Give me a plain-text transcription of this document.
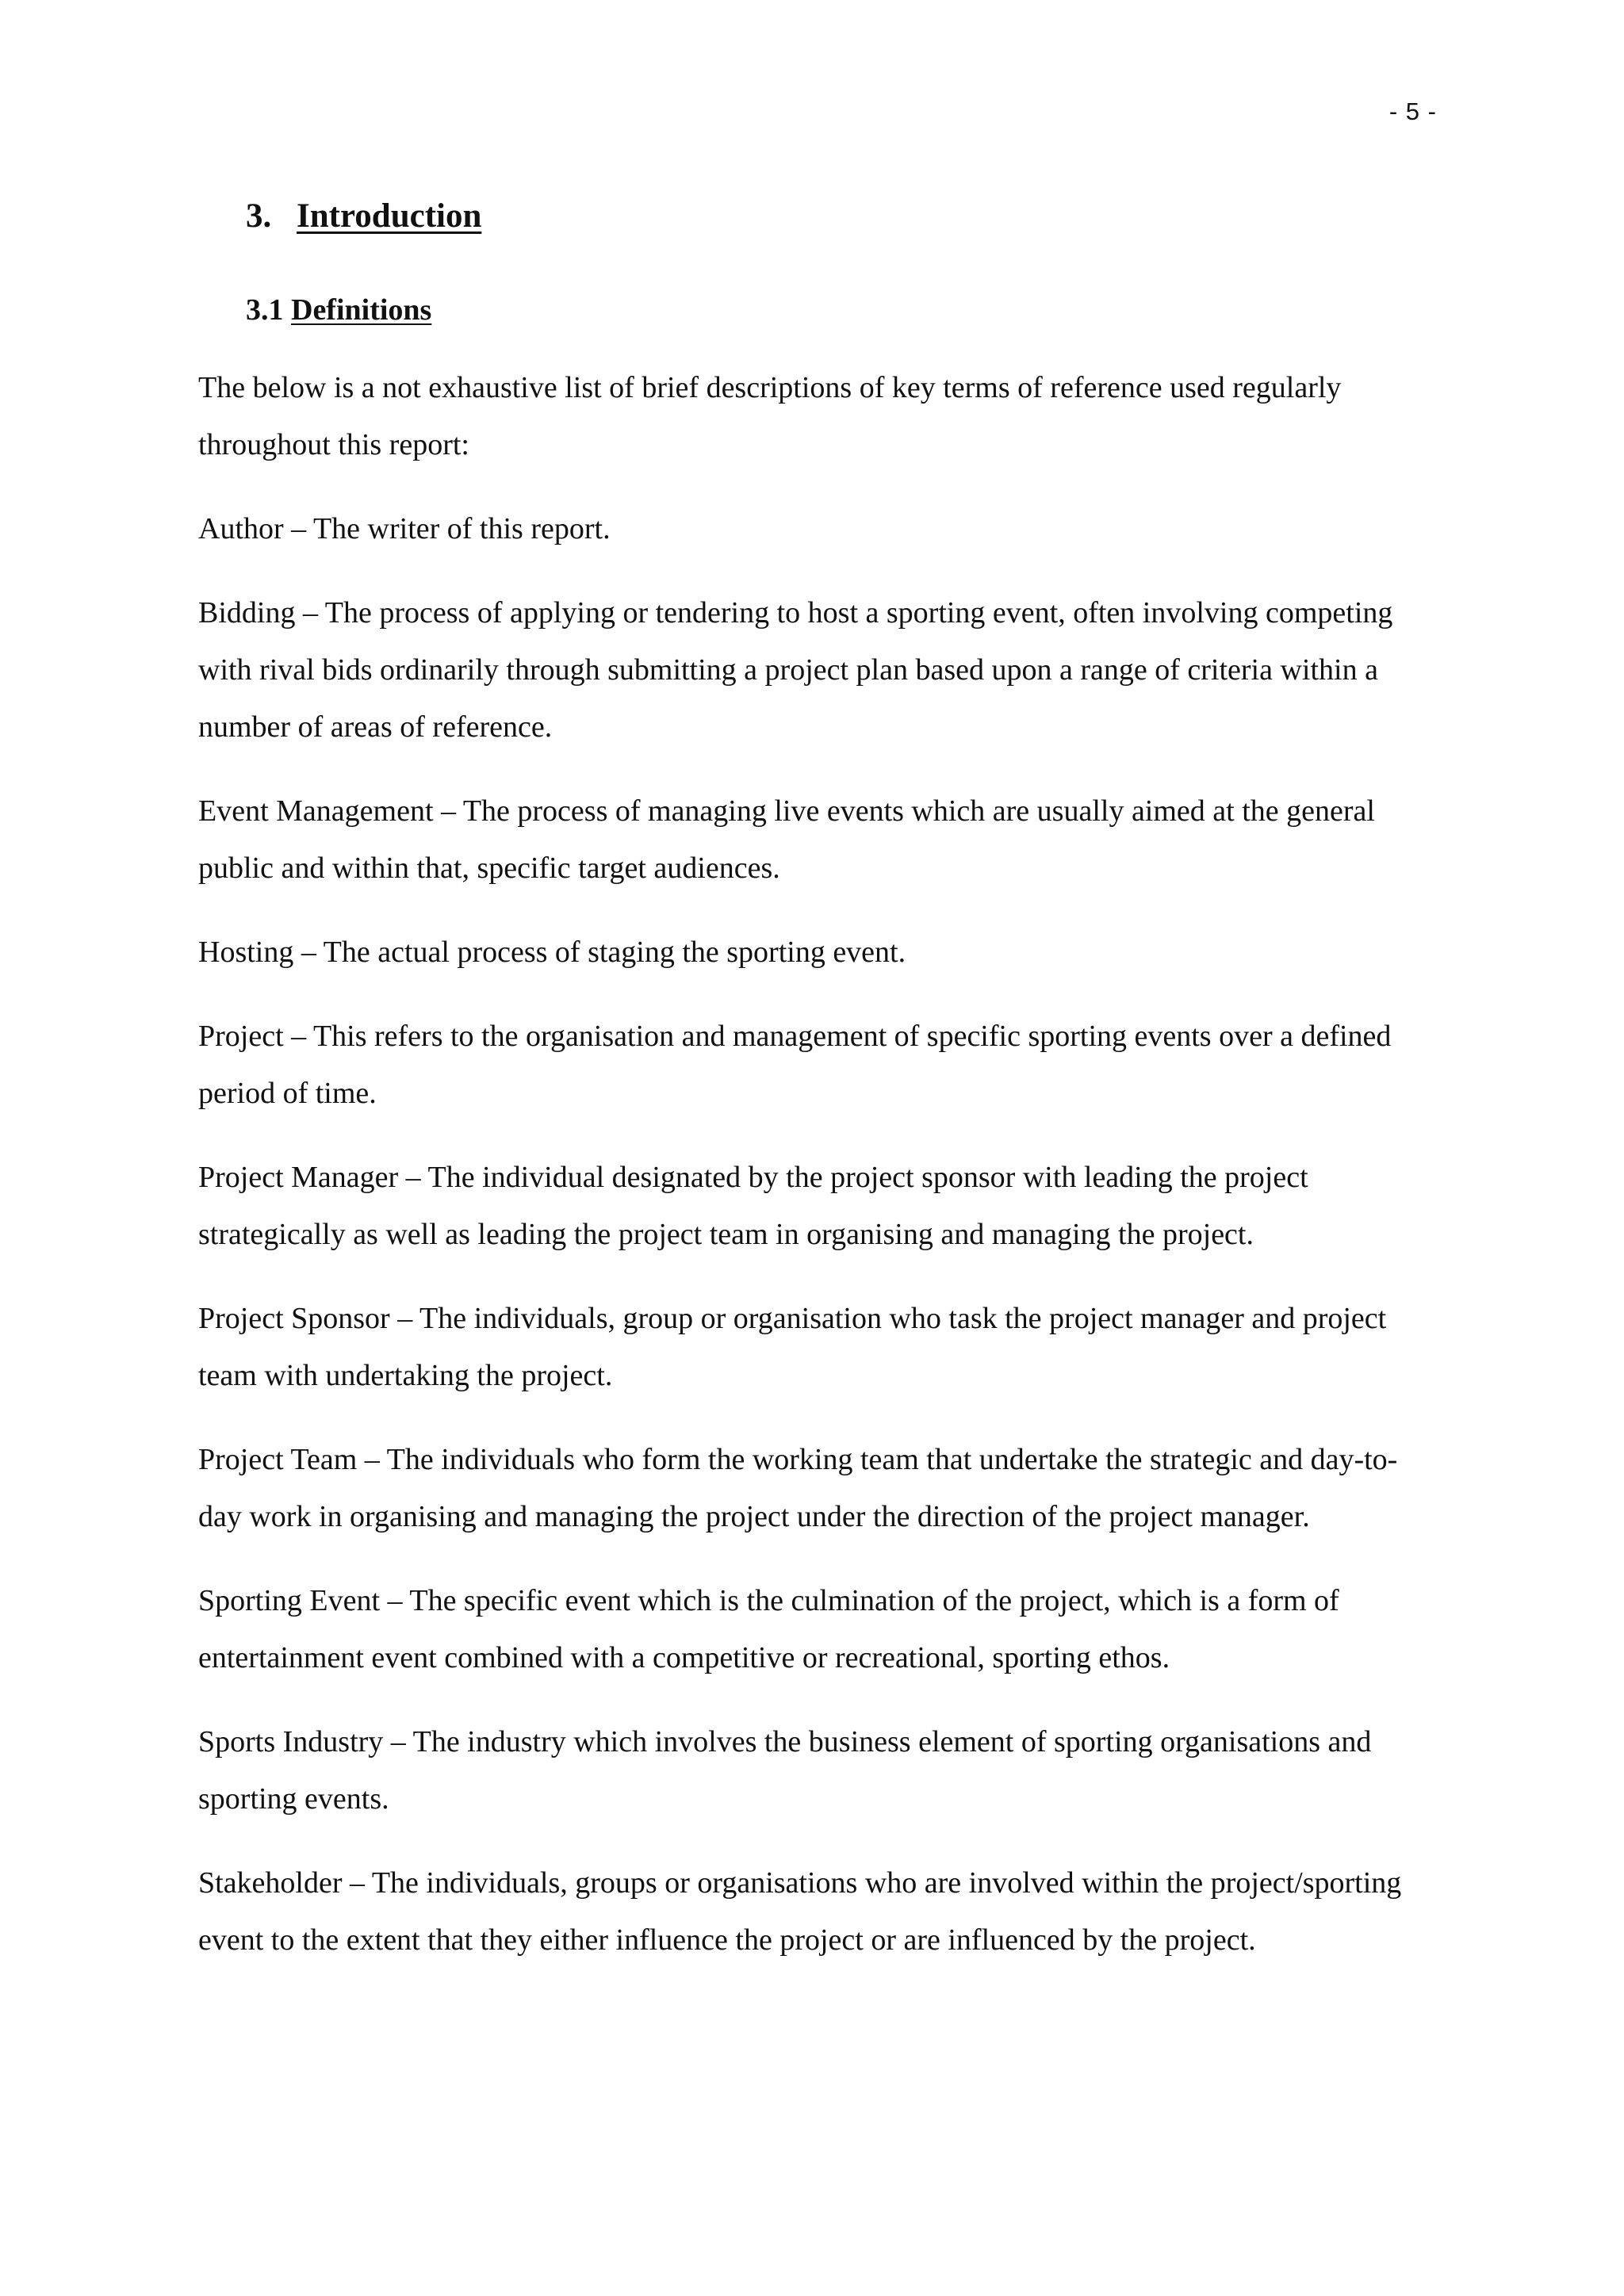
- 5 -
3. Introduction
3.1 Definitions

The below is a not exhaustive list of brief descriptions of key terms of reference used regularly throughout this report:

Author – The writer of this report.

Bidding – The process of applying or tendering to host a sporting event, often involving competing with rival bids ordinarily through submitting a project plan based upon a range of criteria within a number of areas of reference.

Event Management – The process of managing live events which are usually aimed at the general public and within that, specific target audiences.

Hosting – The actual process of staging the sporting event.

Project – This refers to the organisation and management of specific sporting events over a defined period of time.

Project Manager – The individual designated by the project sponsor with leading the project strategically as well as leading the project team in organising and managing the project.

Project Sponsor – The individuals, group or organisation who task the project manager and project team with undertaking the project.

Project Team – The individuals who form the working team that undertake the strategic and day-to-day work in organising and managing the project under the direction of the project manager.

Sporting Event – The specific event which is the culmination of the project, which is a form of entertainment event combined with a competitive or recreational, sporting ethos.

Sports Industry – The industry which involves the business element of sporting organisations and sporting events.

Stakeholder – The individuals, groups or organisations who are involved within the project/sporting event to the extent that they either influence the project or are influenced by the project.
